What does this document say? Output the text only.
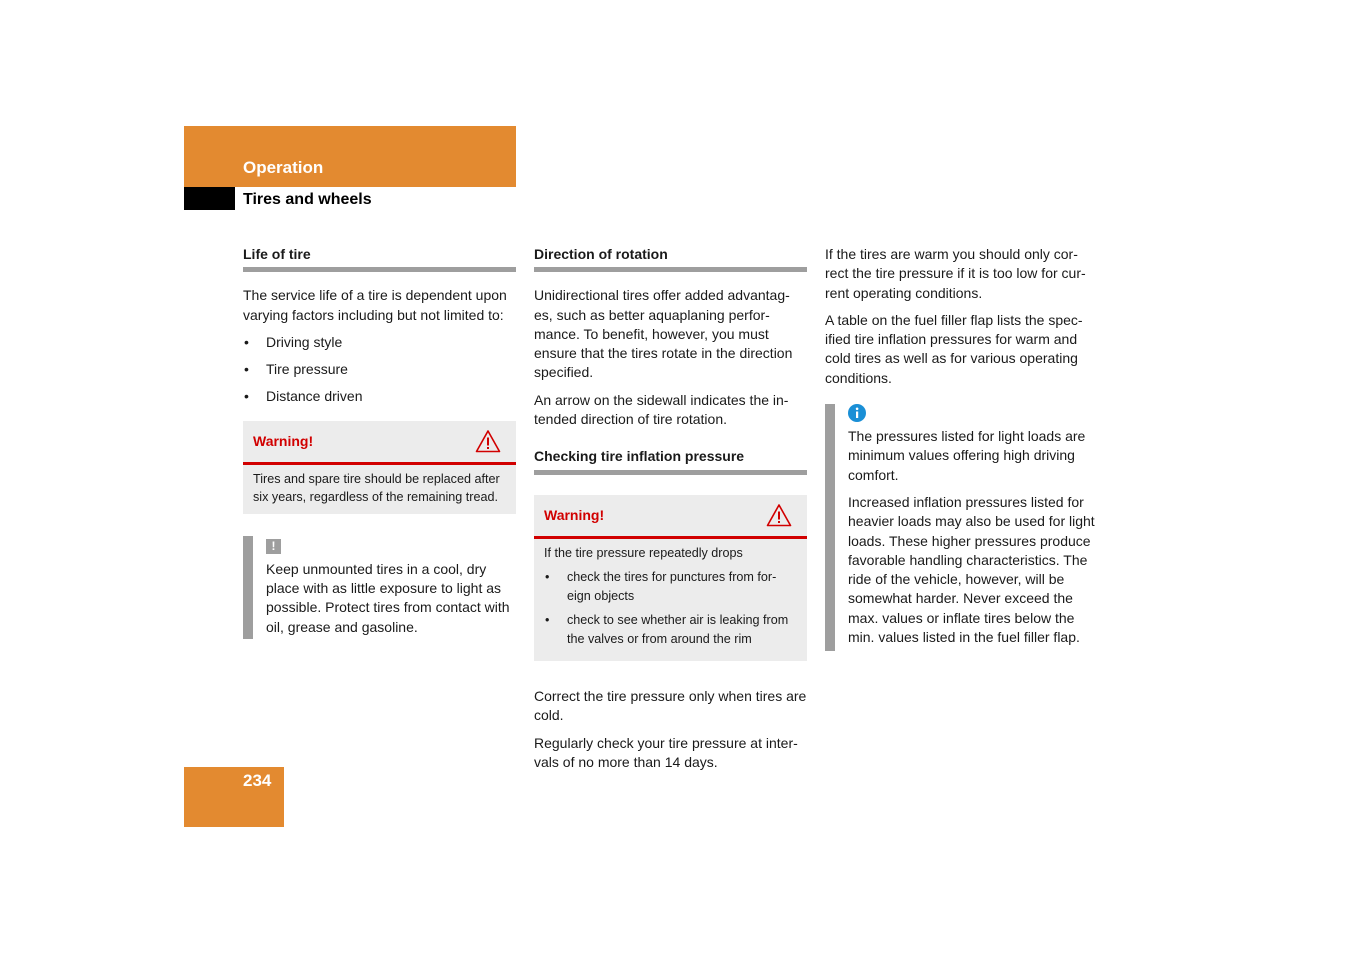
Operation
Tires and wheels
Life of tire

The service life of a tire is dependent upon varying factors including but not limited to:

• Driving style
• Tire pressure
• Distance driven
Warning!
Tires and spare tire should be replaced after six years, regardless of the remaining tread.
!

Keep unmounted tires in a cool, dry place with as little exposure to light as possible. Protect tires from contact with oil, grease and gasoline.

Direction of rotation

Unidirectional tires offer added advantag-es, such as better aquaplaning perfor-mance. To benefit, however, you must ensure that the tires rotate in the direction specified.

An arrow on the sidewall indicates the in-tended direction of tire rotation.

Checking tire inflation pressure
Warning!

If the tire pressure repeatedly drops

• check the tires for punctures from for-eign objects
• check to see whether air is leaking from the valves or from around the rim

Correct the tire pressure only when tires are cold.

Regularly check your tire pressure at inter-vals of no more than 14 days.

If the tires are warm you should only cor-rect the tire pressure if it is too low for cur-rent operating conditions.

A table on the fuel filler flap lists the spec-ified tire inflation pressures for warm and cold tires as well as for various operating conditions.

The pressures listed for light loads are minimum values offering high driving comfort.

Increased inflation pressures listed for heavier loads may also be used for light loads. These higher pressures produce favorable handling characteristics. The ride of the vehicle, however, will be somewhat harder. Never exceed the max. values or inflate tires below the min. values listed in the fuel filler flap.

234
